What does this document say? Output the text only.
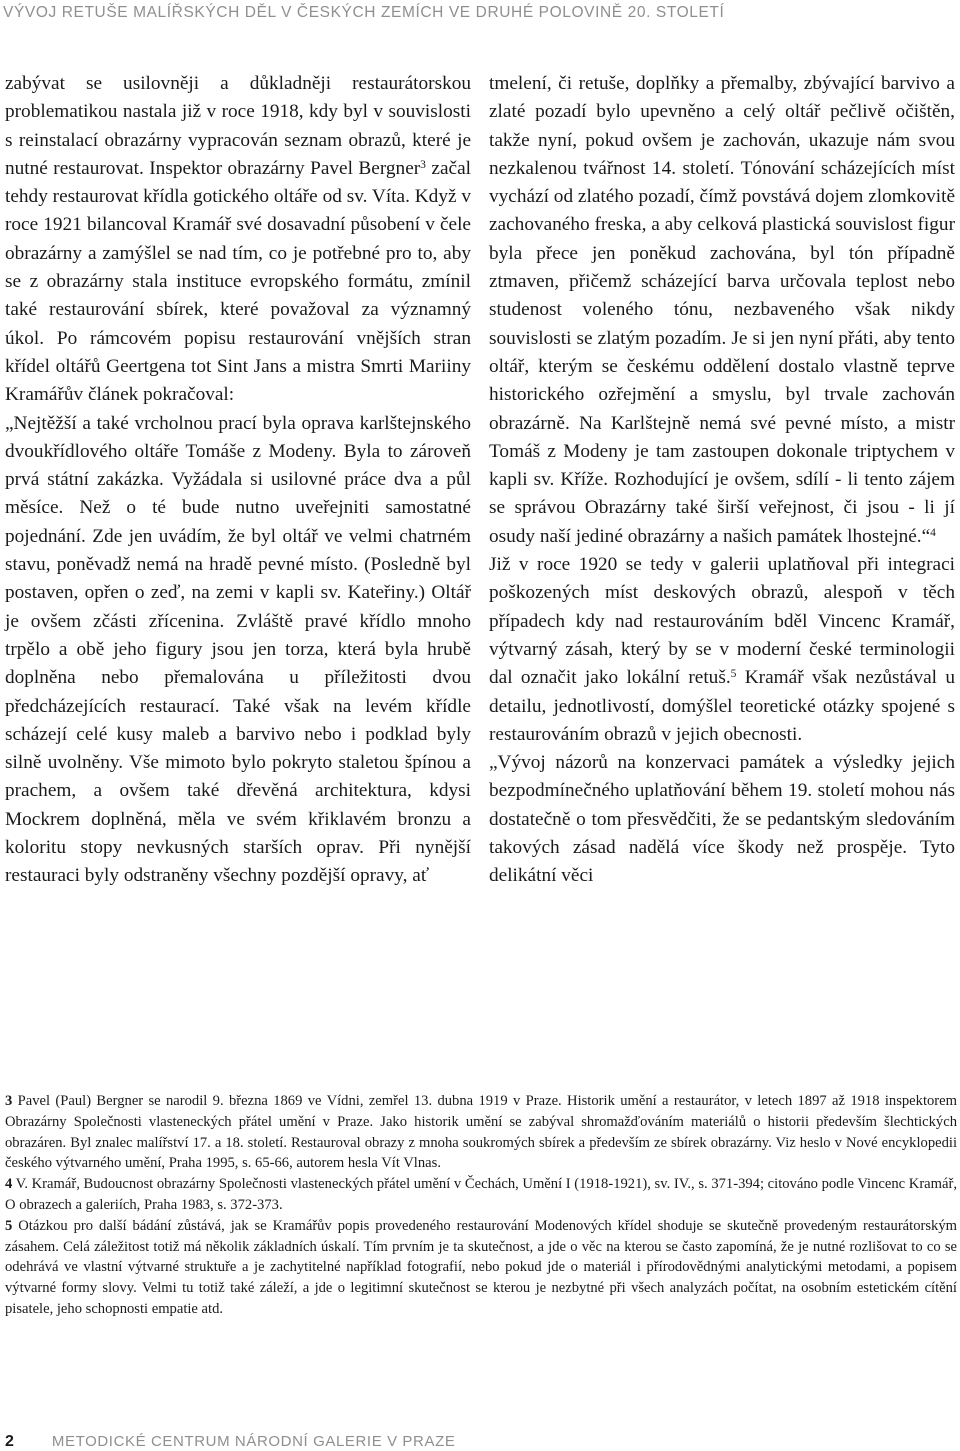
VÝVOJ RETUŠE MALÍŘSKÝCH DĚL V ČESKÝCH ZEMÍCH VE DRUHÉ POLOVINĚ 20. STOLETÍ

zabývat se usilovněji a důkladněji restaurátorskou problematikou nastala již v roce 1918, kdy byl v souvislosti s reinstalací obrazárny vypracován seznam obrazů, které je nutné restaurovat. Inspektor obrazárny Pavel Bergner$^3$ začal tehdy restaurovat křídla gotického oltáře od sv. Víta. Když v roce 1921 bilancoval Kramář své dosavadní působení v čele obrazárny a zamýšlel se nad tím, co je potřebné pro to, aby se z obrazárny stala instituce evropského formátu, zmínil také restaurování sbírek, které považoval za významný úkol. Po rámcovém popisu restaurování vnějších stran křídel oltářů Geertgena tot Sint Jans a mistra Smrti Mariiny Kramářův článek pokračoval:

„Nejtěžší a také vrcholnou prací byla oprava karlštejnského dvoukřídlového oltáře Tomáše z Modeny. Byla to zároveň prvá státní zakázka. Vyžádala si usilovné práce dva a půl měsíce. Než o té bude nutno uveřejniti samostatné pojednání. Zde jen uvádím, že byl oltář ve velmi chatrném stavu, poněvadž nemá na hradě pevné místo. (Posledně byl postaven, opřen o zeď, na zemi v kapli sv. Kateřiny.) Oltář je ovšem zčásti zřícenina. Zvláště pravé křídlo mnoho trpělo a obě jeho figury jsou jen torza, která byla hrubě doplněna nebo přemalována u příležitosti dvou předcházejících restaurací. Také však na levém křídle scházejí celé kusy maleb a barvivo nebo i podklad byly silně uvolněny. Vše mimoto bylo pokryto staletou špínou a prachem, a ovšem také dřevěná architektura, kdysi Mockrem doplněná, měla ve svém křiklavém bronzu a koloritu stopy nevkusných starších oprav. Při nynější restauraci byly odstraněny všechny pozdější opravy, ať

tmelení, či retuše, doplňky a přemalby, zbývající barvivo a zlaté pozadí bylo upevněno a celý oltář pečlivě očištěn, takže nyní, pokud ovšem je zachován, ukazuje nám svou nezkalenou tvářnost 14. století. Tónování scházejících míst vychází od zlatého pozadí, čímž povstává dojem zlomkovitě zachovaného freska, a aby celková plastická souvislost figur byla přece jen poněkud zachována, byl tón případně ztmaven, přičemž scházející barva určovala teplost nebo studenost voleného tónu, nezbaveného však nikdy souvislosti se zlatým pozadím. Je si jen nyní přáti, aby tento oltář, kterým se českému oddělení dostalo vlastně teprve historického ozřejmění a smyslu, byl trvale zachován obrazárně. Na Karlštejně nemá své pevné místo, a mistr Tomáš z Modeny je tam zastoupen dokonale triptychem v kapli sv. Kříže. Rozhodující je ovšem, sdílí - li tento zájem se správou Obrazárny také širší veřejnost, či jsou - li jí osudy naší jediné obrazárny a našich památek lhostejné.“$^4$

Již v roce 1920 se tedy v galerii uplatňoval při integraci poškozených míst deskových obrazů, alespoň v těch případech kdy nad restaurováním bděl Vincenc Kramář, výtvarný zásah, který by se v moderní české terminologii dal označit jako lokální retuš.$^5$ Kramář však nezůstával u detailu, jednotlivostí, domýšlel teoretické otázky spojené s restaurováním obrazů v jejich obecnosti.

„Vývoj názorů na konzervaci památek a výsledky jejich bezpodmínečného uplatňování během 19. století mohou nás dostatečně o tom přesvědčiti, že se pedantským sledováním takových zásad nadělá více škody než prospěje. Tyto delikátní věci

3 Pavel (Paul) Bergner se narodil 9. března 1869 ve Vídni, zemřel 13. dubna 1919 v Praze. Historik umění a restaurátor, v letech 1897 až 1918 inspektorem Obrazárny Společnosti vlasteneckých přátel umění v Praze. Jako historik umění se zabýval shromažďováním materiálů o historii především šlechtických obrazáren. Byl znalec malířství 17. a 18. století. Restauroval obrazy z mnoha soukromých sbírek a především ze sbírek obrazárny. Viz heslo v Nové encyklopedii českého výtvarného umění, Praha 1995, s. 65-66, autorem hesla Vít Vlnas.

4 V. Kramář, Budoucnost obrazárny Společnosti vlasteneckých přátel umění v Čechách, Umění I (1918-1921), sv. IV., s. 371-394; citováno podle Vincenc Kramář, O obrazech a galeriích, Praha 1983, s. 372-373.

5 Otázkou pro další bádání zůstává, jak se Kramářův popis provedeného restaurování Modenových křídel shoduje se skutečně provedeným restaurátorským zásahem. Celá záležitost totiž má několik základních úskalí. Tím prvním je ta skutečnost, a jde o věc na kterou se často zapomíná, že je nutné rozlišovat to co se odehrává ve vlastní výtvarné struktuře a je zachytitelné například fotografií, nebo pokud jde o materiál i přírodovědnými analytickými metodami, a popisem výtvarné formy slovy. Velmi tu totiž také záleží, a jde o legitimní skutečnost se kterou je nezbytné při všech analyzách počítat, na osobním estetickém cítění pisatele, jeho schopnosti empatie atd.

2	METODICKÉ CENTRUM NÁRODNÍ GALERIE V PRAZE
